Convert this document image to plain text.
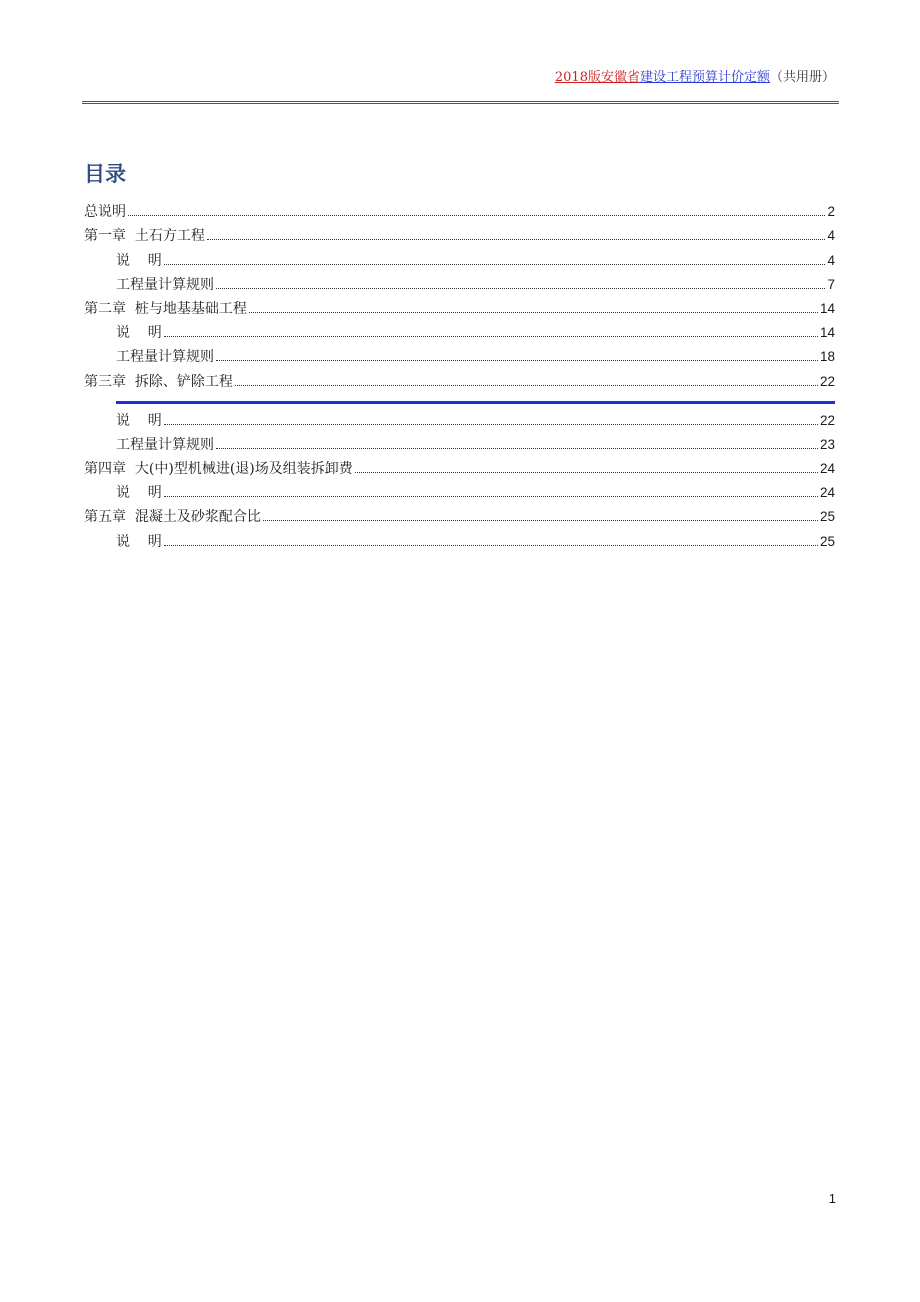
2018版安徽省建设工程预算计价定额（共用册）
目录
总说明	2
第一章  土石方工程	4
说    明	4
工程量计算规则	7
第二章  桩与地基基础工程	14
说    明	14
工程量计算规则	18
第三章  拆除、铲除工程	22
说    明	22
工程量计算规则	23
第四章  大(中)型机械进(退)场及组装拆卸费	24
说    明	24
第五章  混凝土及砂浆配合比	25
说    明	25
1
